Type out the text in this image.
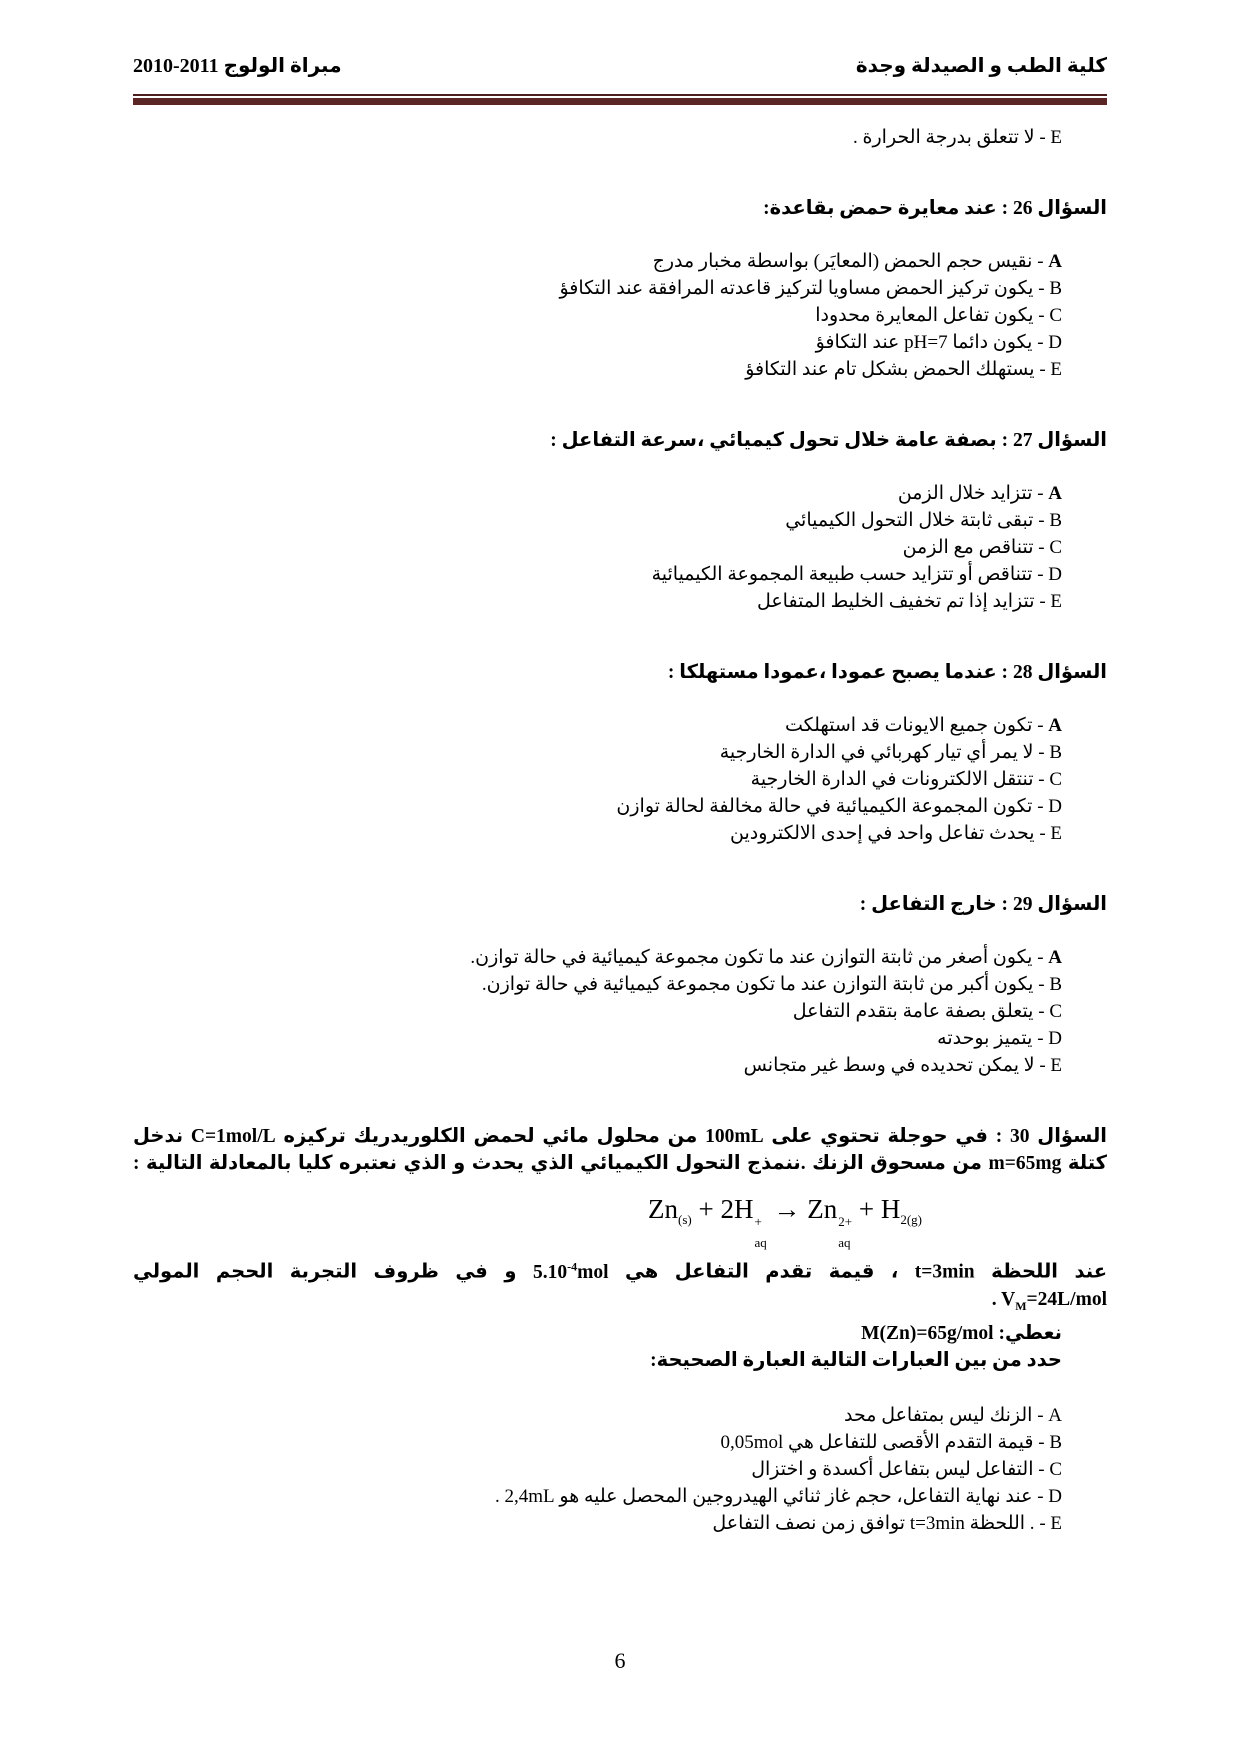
كلية الطب و الصيدلة وجدة
مبراة الولوج 2011-2010
E - لا تتعلق بدرجة الحرارة .
السؤال 26 : عند معايرة حمض بقاعدة:
A - نقيس حجم الحمض (المعايَر) بواسطة مخبار مدرج
B - يكون تركيز الحمض مساويا لتركيز قاعدته المرافقة عند التكافؤ
C - يكون تفاعل المعايرة محدودا
D - يكون دائما pH=7 عند التكافؤ
E - يستهلك الحمض بشكل تام عند التكافؤ
السؤال 27 : بصفة عامة خلال تحول كيميائي ،سرعة التفاعل :
A - تتزايد خلال الزمن
B - تبقى ثابتة خلال التحول الكيميائي
C - تتناقص مع الزمن
D - تتناقص أو تتزايد حسب طبيعة المجموعة الكيميائية
E - تتزايد إذا تم تخفيف الخليط المتفاعل
السؤال 28 : عندما يصبح عمودا ،عمودا مستهلكا :
A - تكون جميع الايونات قد استهلكت
B - لا يمر أي تيار كهربائي في الدارة الخارجية
C - تنتقل الالكترونات في الدارة الخارجية
D - تكون المجموعة الكيميائية في حالة مخالفة لحالة توازن
E - يحدث تفاعل واحد في إحدى الالكترودين
السؤال 29 : خارج التفاعل :
A - يكون أصغر من ثابتة التوازن عند ما تكون مجموعة كيميائية في حالة توازن.
B - يكون أكبر من ثابتة التوازن عند ما تكون مجموعة كيميائية في حالة توازن.
C - يتعلق بصفة عامة بتقدم التفاعل
D - يتميز بوحدته
E - لا يمكن تحديده في وسط غير متجانس
السؤال 30 : في حوجلة تحتوي على 100mL من محلول مائي لحمض الكلوريدريك تركيزه C=1mol/L ندخل
كتلة m=65mg من مسحوق الزنك .ننمذج التحول الكيميائي الذي يحدث و الذي نعتبره كليا بالمعادلة التالية :
$Zn_{(s)} + 2H$ +
aq
→ Zn 2+
aq
+ $H_{2(g)}$
عند اللحظة t=3min ، قيمة تقدم التفاعل هي $5.10^{-4}mol$ و في ظروف التجربة الحجم المولي
. $V_M=24L$/mol
نعطي: M(Zn)=65g/mol
حدد من بين العبارات التالية العبارة الصحيحة:
A - الزنك ليس بمتفاعل محد
B - قيمة التقدم الأقصى للتفاعل هي 0,05mol
C - التفاعل ليس بتفاعل أكسدة و اختزال
D - عند نهاية التفاعل، حجم غاز ثنائي الهيدروجين المحصل عليه هو 2,4mL .
E - . اللحظة t=3min توافق زمن نصف التفاعل
6
